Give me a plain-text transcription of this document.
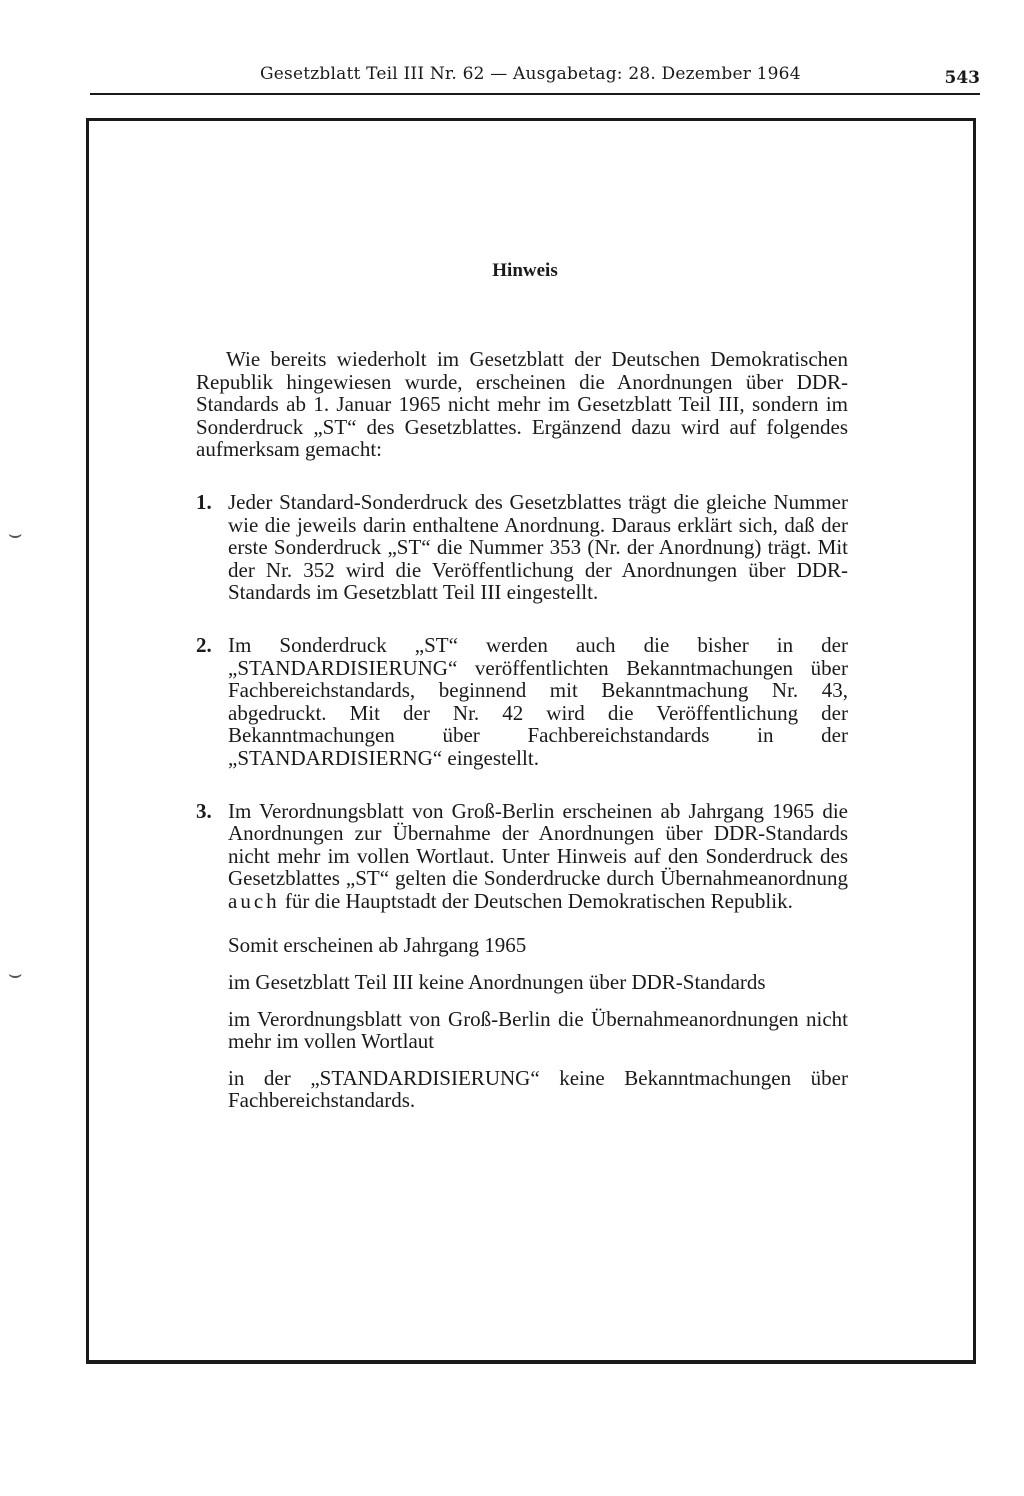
Gesetzblatt Teil III Nr. 62 — Ausgabetag: 28. Dezember 1964	543
⌣
⌣
Hinweis

Wie bereits wiederholt im Gesetzblatt der Deutschen Demokratischen Republik hingewiesen wurde, erscheinen die Anordnungen über DDR-Standards ab 1. Januar 1965 nicht mehr im Gesetzblatt Teil III, sondern im Sonderdruck „ST“ des Gesetzblattes. Ergänzend dazu wird auf folgendes aufmerksam gemacht:

1. Jeder Standard-Sonderdruck des Gesetzblattes trägt die gleiche Nummer wie die jeweils darin enthaltene Anordnung. Daraus erklärt sich, daß der erste Sonderdruck „ST“ die Nummer 353 (Nr. der Anordnung) trägt. Mit der Nr. 352 wird die Veröffentlichung der Anordnungen über DDR-Standards im Gesetzblatt Teil III eingestellt.
2. Im Sonderdruck „ST“ werden auch die bisher in der „STANDARDISIERUNG“ veröffentlichten Bekanntmachungen über Fachbereichstandards, beginnend mit Bekanntmachung Nr. 43, abgedruckt. Mit der Nr. 42 wird die Veröffentlichung der Bekanntmachungen über Fachbereichstandards in der „STANDARDISIERNG“ eingestellt.
3. Im Verordnungsblatt von Groß-Berlin erscheinen ab Jahrgang 1965 die Anordnungen zur Übernahme der Anordnungen über DDR-Standards nicht mehr im vollen Wortlaut. Unter Hinweis auf den Sonderdruck des Gesetzblattes „ST“ gelten die Sonderdrucke durch Übernahmeanordnung auch für die Hauptstadt der Deutschen Demokratischen Republik.

Somit erscheinen ab Jahrgang 1965

im Gesetzblatt Teil III keine Anordnungen über DDR-Standards

im Verordnungsblatt von Groß-Berlin die Übernahmeanordnungen nicht mehr im vollen Wortlaut

in der „STANDARDISIERUNG“ keine Bekanntmachungen über Fachbereichstandards.
